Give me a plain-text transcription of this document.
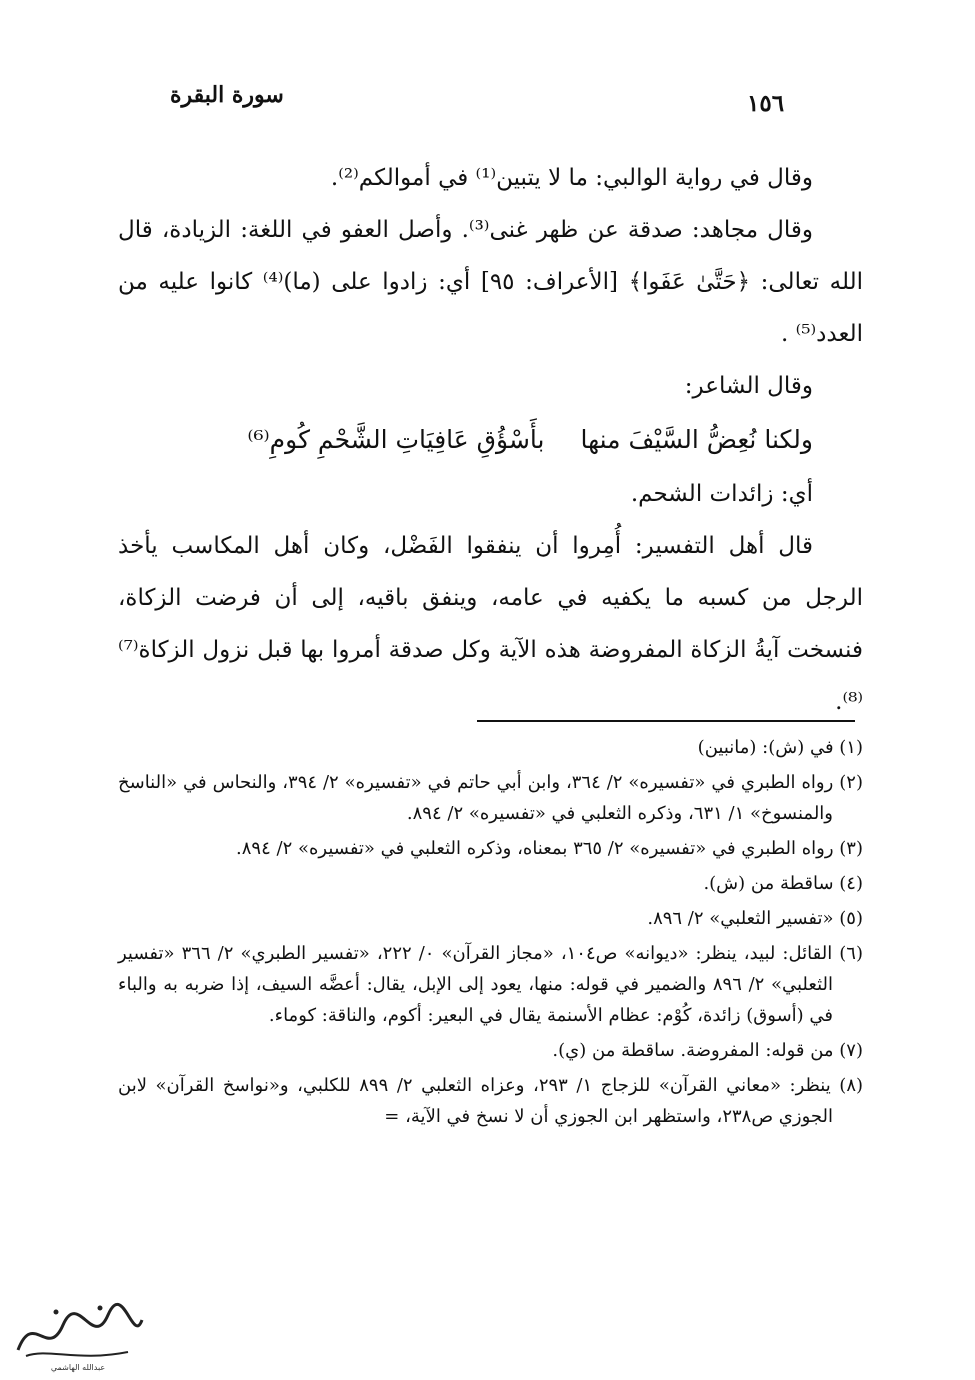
سورة البقرة	١٥٦

وقال في رواية الوالبي: ما لا يتبين⁽¹⁾ في أموالكم⁽²⁾.

وقال مجاهد: صدقة عن ظهر غنى⁽³⁾. وأصل العفو في اللغة: الزيادة، قال الله تعالى: ﴿حَتَّىٰ عَفَوا﴾ [الأعراف: ٩٥] أي: زادوا على (ما)⁽⁴⁾ كانوا عليه من العدد⁽⁵⁾ .

وقال الشاعر:

ولكنا نُعِضُّ السَّيْفَ منهابأَسْؤُقِ عَافِيَاتِ الشَّحْمِ كُومِ⁽⁶⁾

أي: زائدات الشحم.

قال أهل التفسير: أُمِروا أن ينفقوا الفَضْل، وكان أهل المكاسب يأخذ الرجل من كسبه ما يكفيه في عامه، وينفق باقيه، إلى أن فرضت الزكاة، فنسخت آيةُ الزكاة المفروضة هذه الآية وكل صدقة أمروا بها قبل نزول الزكاة⁽⁷⁾⁽⁸⁾.

(١) في (ش): (مانبين)

(٢) رواه الطبري في «تفسيره» ٢/ ٣٦٤، وابن أبي حاتم في «تفسيره» ٢/ ٣٩٤، والنحاس في «الناسخ والمنسوخ» ١/ ٦٣١، وذكره الثعلبي في «تفسيره» ٢/ ٨٩٤.

(٣) رواه الطبري في «تفسيره» ٢/ ٣٦٥ بمعناه، وذكره الثعلبي في «تفسيره» ٢/ ٨٩٤.

(٤) ساقطة من (ش).

(٥) «تفسير الثعلبي» ٢/ ٨٩٦.

(٦) القائل: لبيد، ينظر: «ديوانه» ص١٠٤، «مجاز القرآن» ٠/ ٢٢٢، «تفسير الطبري» ٢/ ٣٦٦ «تفسير الثعلبي» ٢/ ٨٩٦ والضمير في قوله: منها، يعود إلى الإبل، يقال: أعضَّه السيف، إذا ضربه به والباء في (أسوق) زائدة، كُوْم: عظام الأسنمة يقال في البعير: أكوم، والناقة: كوماء.

(٧) من قوله: المفروضة. ساقطة من (ي).

(٨) ينظر: «معاني القرآن» للزجاج ١/ ٢٩٣، وعزاه الثعلبي ٢/ ٨٩٩ للكلبي، و«نواسخ القرآن» لابن الجوزي ص٢٣٨، واستظهر ابن الجوزي أن لا نسخ في الآية، =

عبدالله الهاشمي
